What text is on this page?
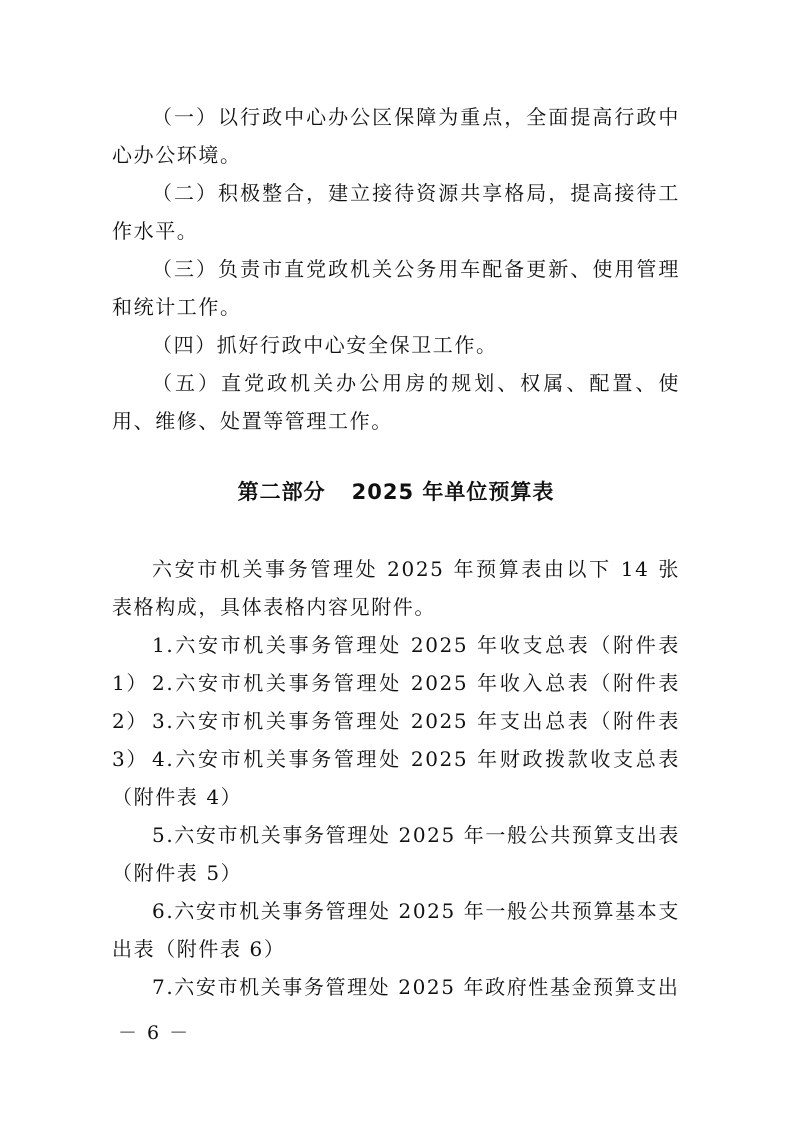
（一）以行政中心办公区保障为重点，全面提高行政中心办公环境。

（二）积极整合，建立接待资源共享格局，提高接待工作水平。

（三）负责市直党政机关公务用车配备更新、使用管理和统计工作。

（四）抓好行政中心安全保卫工作。

（五）直党政机关办公用房的规划、权属、配置、使用、维修、处置等管理工作。

第二部分 2025 年单位预算表

六安市机关事务管理处 2025 年预算表由以下 14 张表格构成，具体表格内容见附件。

1.六安市机关事务管理处 2025 年收支总表（附件表 1） 2.六安市机关事务管理处 2025 年收入总表（附件表 2） 3.六安市机关事务管理处 2025 年支出总表（附件表 3） 4.六安市机关事务管理处 2025 年财政拨款收支总表（附件表 4）

5.六安市机关事务管理处 2025 年一般公共预算支出表（附件表 5）

6.六安市机关事务管理处 2025 年一般公共预算基本支出表（附件表 6）

7.六安市机关事务管理处 2025 年政府性基金预算支出

－ 6 －
